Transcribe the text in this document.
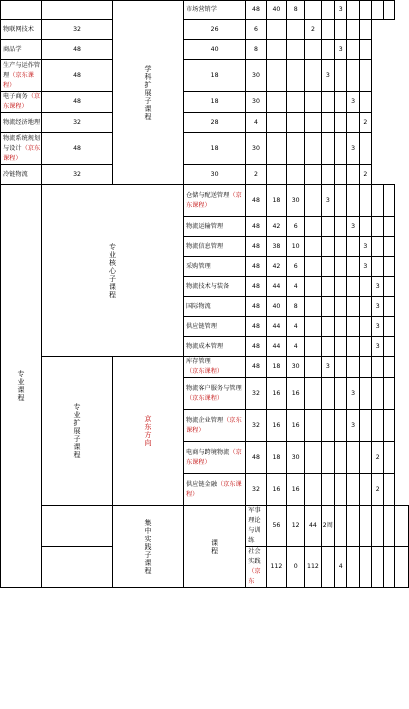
		学科扩展子课程	市场营销学	48	40	8			3					
物联网技术	32		26	6			2							
商品学	48		40	8					3					
生产与运作管理（京东课程）	48		18	30				3						
电子商务（京东课程）	48		18	30						3				
物流经济地理	32		28	4							2			
物流系统规划与设计（京东课程）	48		18	30						3				
冷链物流	32		30	2							2			

专业课程	专业核心子课程		仓储与配送管理（京东课程）	48	18	30		3						
			物流运输管理	48	42	6				3				
			物流信息管理	48	38	10					3			
			采购管理	48	42	6					3			
			物流技术与装备	48	44	4						3		
			国际物流	48	40	8						3		
			供应链管理	48	44	4						3		
			物流成本管理	48	44	4						3		

	专业扩展子课程	京东方向	库存管理（京东课程）	48	18	30		3						
			物流客户服务与管理（京东课程）	32	16	16				3				
			物流企业管理（京东课程）	32	16	16				3				
			电商与跨境物流（京东课程）	48	18	30						2		
			供应链金融（京东课程）	32	16	16						2		

		集中实践子课程	课程	军事理论与训练	56	12	44	2周						
				社会实践（京东	112	0	112		4					
